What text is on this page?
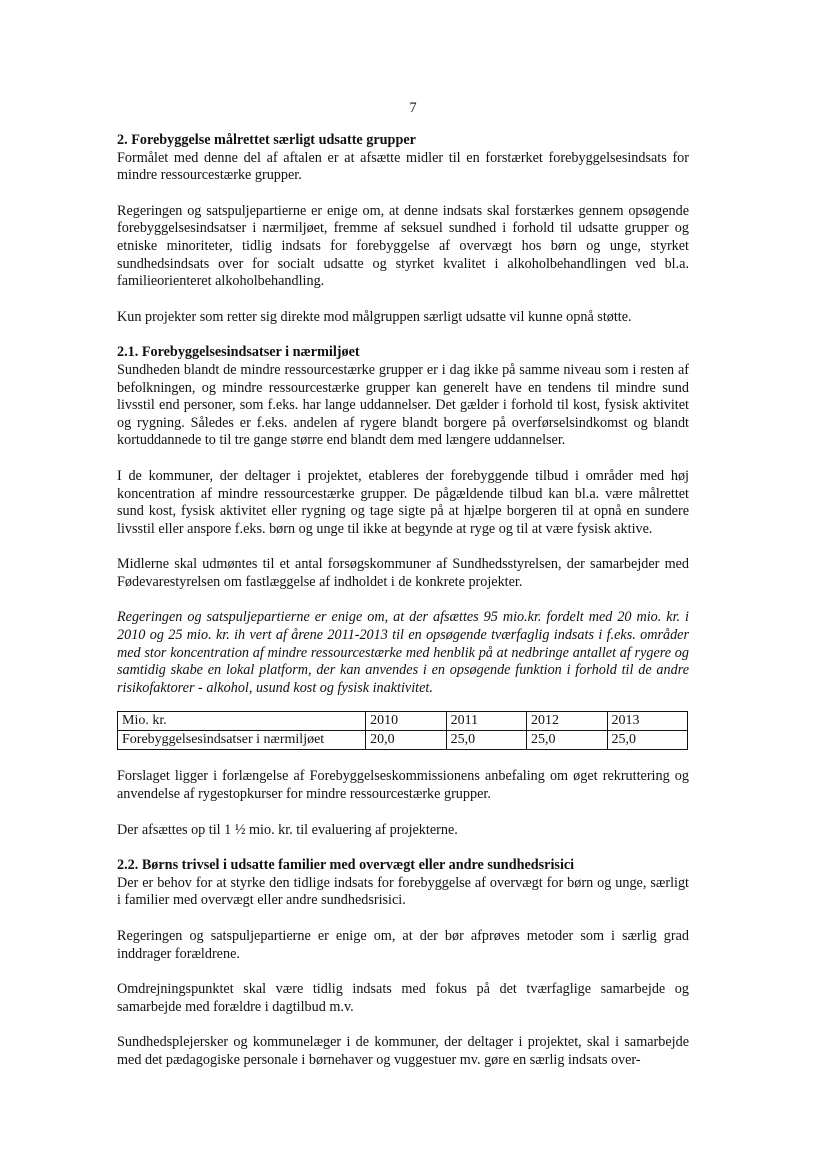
7

2. Forebyggelse målrettet særligt udsatte grupper

Formålet med denne del af aftalen er at afsætte midler til en forstærket forebyggelsesindsats for mindre ressourcestærke grupper.

Regeringen og satspuljepartierne er enige om, at denne indsats skal forstærkes gennem opsøgende forebyggelsesindsatser i nærmiljøet, fremme af seksuel sundhed i forhold til udsatte grupper og etniske minoriteter, tidlig indsats for forebyggelse af overvægt hos børn og unge, styrket sundhedsindsats over for socialt udsatte og styrket kvalitet i alkoholbehandlingen ved bl.a. familieorienteret alkoholbehandling.

Kun projekter som retter sig direkte mod målgruppen særligt udsatte vil kunne opnå støtte.

2.1. Forebyggelsesindsatser i nærmiljøet

Sundheden blandt de mindre ressourcestærke grupper er i dag ikke på samme niveau som i resten af befolkningen, og mindre ressourcestærke grupper kan generelt have en tendens til mindre sund livsstil end personer, som f.eks. har lange uddannelser. Det gælder i forhold til kost, fysisk aktivitet og rygning. Således er f.eks. andelen af rygere blandt borgere på overførselsindkomst og blandt kortuddannede to til tre gange større end blandt dem med længere uddannelser.

I de kommuner, der deltager i projektet, etableres der forebyggende tilbud i områder med høj koncentration af mindre ressourcestærke grupper. De pågældende tilbud kan bl.a. være målrettet sund kost, fysisk aktivitet eller rygning og tage sigte på at hjælpe borgeren til at opnå en sundere livsstil eller anspore f.eks. børn og unge til ikke at begynde at ryge og til at være fysisk aktive.

Midlerne skal udmøntes til et antal forsøgskommuner af Sundhedsstyrelsen, der samarbejder med Fødevarestyrelsen om fastlæggelse af indholdet i de konkrete projekter.

Regeringen og satspuljepartierne er enige om, at der afsættes 95 mio.kr. fordelt med 20 mio. kr. i 2010 og 25 mio. kr. ih vert af årene 2011-2013 til en opsøgende tværfaglig indsats i f.eks. områder med stor koncentration af mindre ressourcestærke med henblik på at nedbringe antallet af rygere og samtidig skabe en lokal platform, der kan anvendes i en opsøgende funktion i forhold til de andre risikofaktorer - alkohol, usund kost og fysisk inaktivitet.

Mio. kr.	2010	2011	2012	2013
Forebyggelsesindsatser i nærmiljøet	20,0	25,0	25,0	25,0

Forslaget ligger i forlængelse af Forebyggelseskommissionens anbefaling om øget rekruttering og anvendelse af rygestopkurser for mindre ressourcestærke grupper.

Der afsættes op til 1 ½ mio. kr. til evaluering af projekterne.

2.2. Børns trivsel i udsatte familier med overvægt eller andre sundhedsrisici

Der er behov for at styrke den tidlige indsats for forebyggelse af overvægt for børn og unge, særligt i familier med overvægt eller andre sundhedsrisici.

Regeringen og satspuljepartierne er enige om, at der bør afprøves metoder som i særlig grad inddrager forældrene.

Omdrejningspunktet skal være tidlig indsats med fokus på det tværfaglige samarbejde og samarbejde med forældre i dagtilbud m.v.

Sundhedsplejersker og kommunelæger i de kommuner, der deltager i projektet, skal i samarbejde med det pædagogiske personale i børnehaver og vuggestuer mv. gøre en særlig indsats over-
